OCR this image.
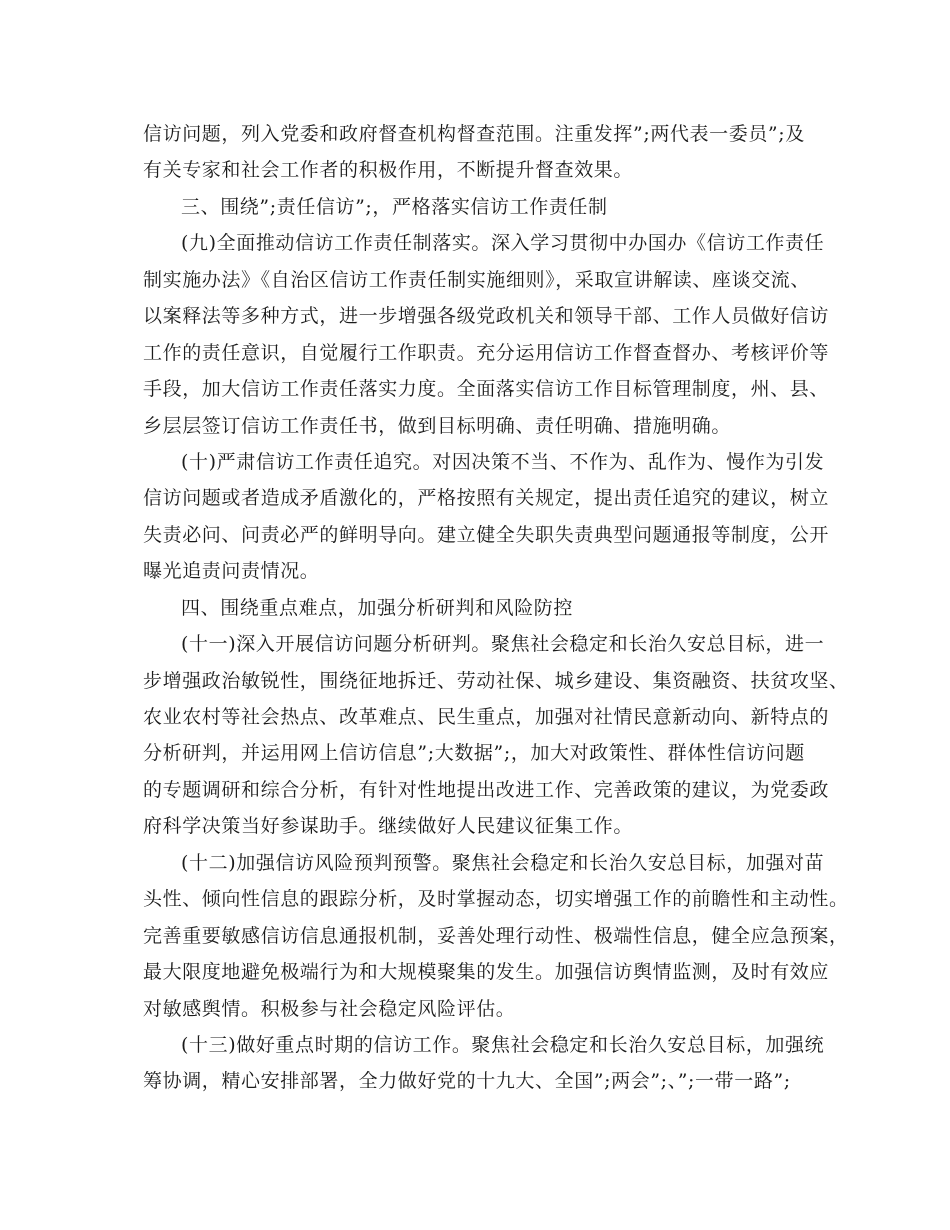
信访问题，列入党委和政府督查机构督查范围。注重发挥”;两代表一委员”;及
有关专家和社会工作者的积极作用，不断提升督查效果。
三、围绕”;责任信访”;，严格落实信访工作责任制
(九)全面推动信访工作责任制落实。深入学习贯彻中办国办《信访工作责任
制实施办法》《自治区信访工作责任制实施细则》，采取宣讲解读、座谈交流、
以案释法等多种方式，进一步增强各级党政机关和领导干部、工作人员做好信访
工作的责任意识，自觉履行工作职责。充分运用信访工作督查督办、考核评价等
手段，加大信访工作责任落实力度。全面落实信访工作目标管理制度，州、县、
乡层层签订信访工作责任书，做到目标明确、责任明确、措施明确。
(十)严肃信访工作责任追究。对因决策不当、不作为、乱作为、慢作为引发
信访问题或者造成矛盾激化的，严格按照有关规定，提出责任追究的建议，树立
失责必问、问责必严的鲜明导向。建立健全失职失责典型问题通报等制度，公开
曝光追责问责情况。
四、围绕重点难点，加强分析研判和风险防控
(十一)深入开展信访问题分析研判。聚焦社会稳定和长治久安总目标，进一
步增强政治敏锐性，围绕征地拆迁、劳动社保、城乡建设、集资融资、扶贫攻坚、
农业农村等社会热点、改革难点、民生重点，加强对社情民意新动向、新特点的
分析研判，并运用网上信访信息”;大数据”;，加大对政策性、群体性信访问题
的专题调研和综合分析，有针对性地提出改进工作、完善政策的建议，为党委政
府科学决策当好参谋助手。继续做好人民建议征集工作。
(十二)加强信访风险预判预警。聚焦社会稳定和长治久安总目标，加强对苗
头性、倾向性信息的跟踪分析，及时掌握动态，切实增强工作的前瞻性和主动性。
完善重要敏感信访信息通报机制，妥善处理行动性、极端性信息，健全应急预案，
最大限度地避免极端行为和大规模聚集的发生。加强信访舆情监测，及时有效应
对敏感舆情。积极参与社会稳定风险评估。
(十三)做好重点时期的信访工作。聚焦社会稳定和长治久安总目标，加强统
筹协调，精心安排部署，全力做好党的十九大、全国”;两会”;、”;一带一路”;
